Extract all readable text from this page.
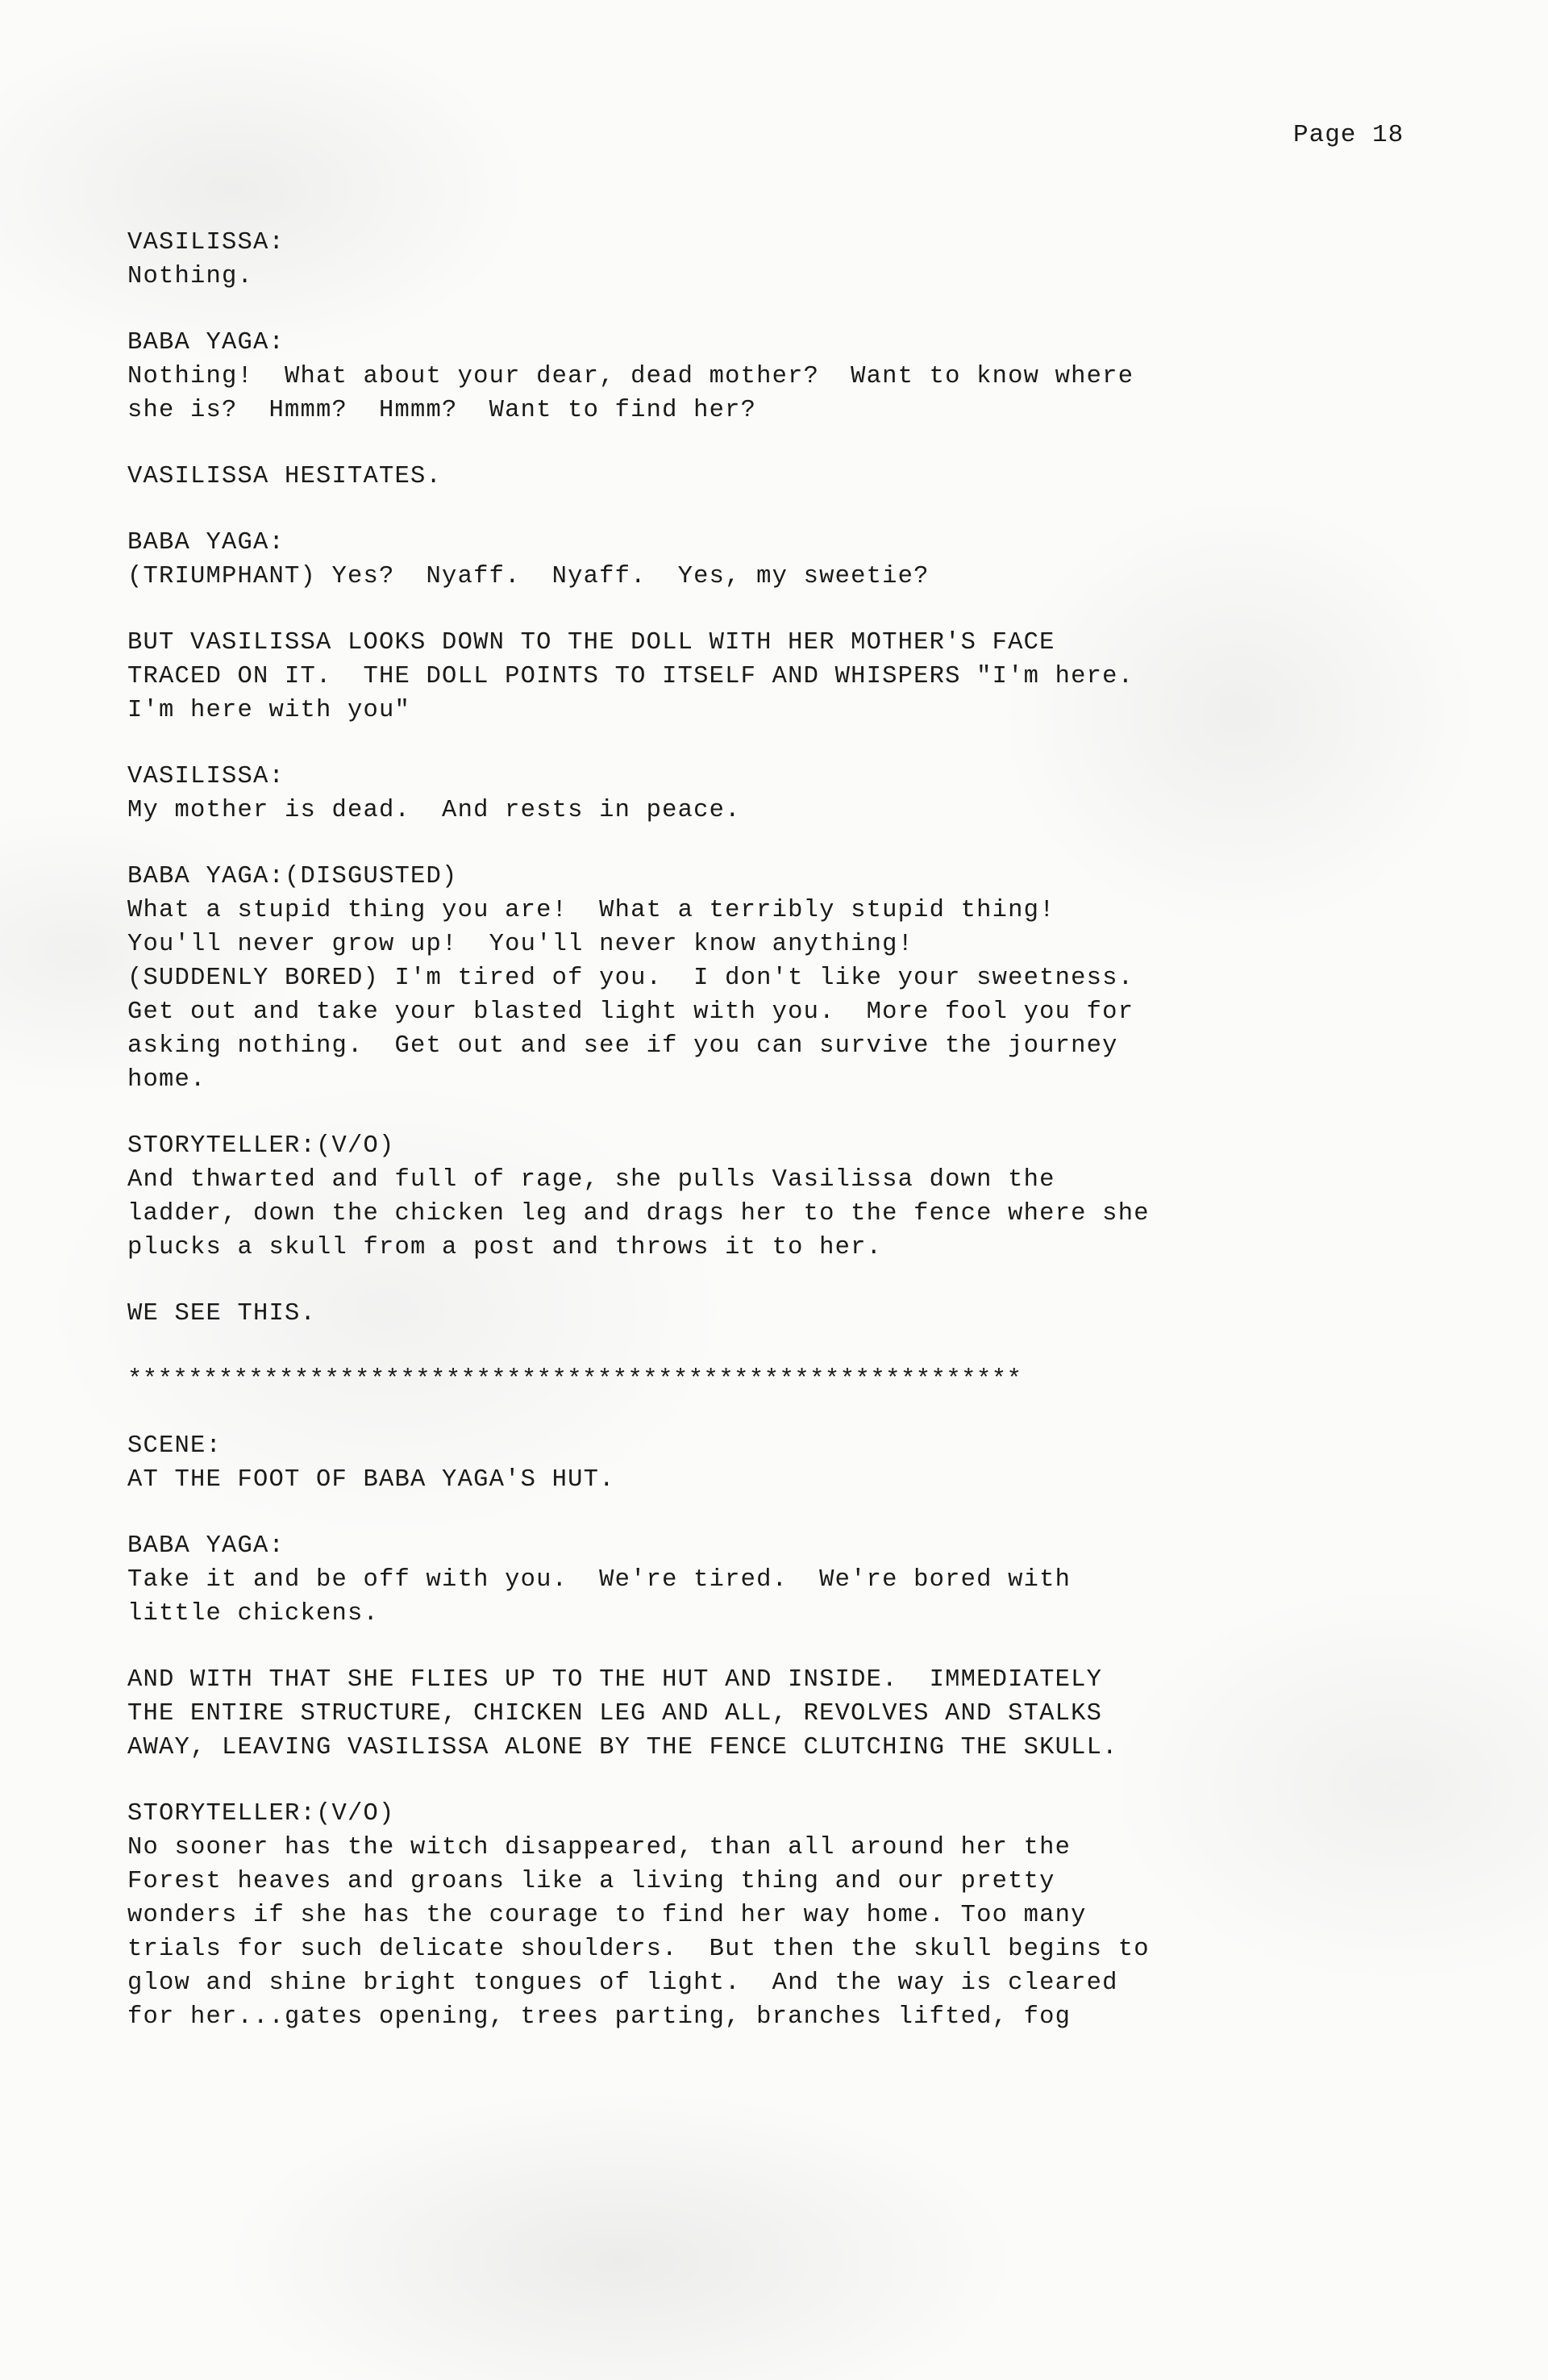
Page 18
VASILISSA:
Nothing.
BABA YAGA:
Nothing!  What about your dear, dead mother?  Want to know where
she is?  Hmmm?  Hmmm?  Want to find her?
VASILISSA HESITATES.
BABA YAGA:
(TRIUMPHANT) Yes?  Nyaff.  Nyaff.  Yes, my sweetie?
BUT VASILISSA LOOKS DOWN TO THE DOLL WITH HER MOTHER'S FACE
TRACED ON IT.  THE DOLL POINTS TO ITSELF AND WHISPERS "I'm here.
I'm here with you"
VASILISSA:
My mother is dead.  And rests in peace.
BABA YAGA:(DISGUSTED)
What a stupid thing you are!  What a terribly stupid thing!
You'll never grow up!  You'll never know anything!
(SUDDENLY BORED) I'm tired of you.  I don't like your sweetness.
Get out and take your blasted light with you.  More fool you for
asking nothing.  Get out and see if you can survive the journey
home.
STORYTELLER:(V/O)
And thwarted and full of rage, she pulls Vasilissa down the
ladder, down the chicken leg and drags her to the fence where she
plucks a skull from a post and throws it to her.
WE SEE THIS.
***********************************************************
SCENE:
AT THE FOOT OF BABA YAGA'S HUT.
BABA YAGA:
Take it and be off with you.  We're tired.  We're bored with
little chickens.
AND WITH THAT SHE FLIES UP TO THE HUT AND INSIDE.  IMMEDIATELY
THE ENTIRE STRUCTURE, CHICKEN LEG AND ALL, REVOLVES AND STALKS
AWAY, LEAVING VASILISSA ALONE BY THE FENCE CLUTCHING THE SKULL.
STORYTELLER:(V/O)
No sooner has the witch disappeared, than all around her the
Forest heaves and groans like a living thing and our pretty
wonders if she has the courage to find her way home. Too many
trials for such delicate shoulders.  But then the skull begins to
glow and shine bright tongues of light.  And the way is cleared
for her...gates opening, trees parting, branches lifted, fog
